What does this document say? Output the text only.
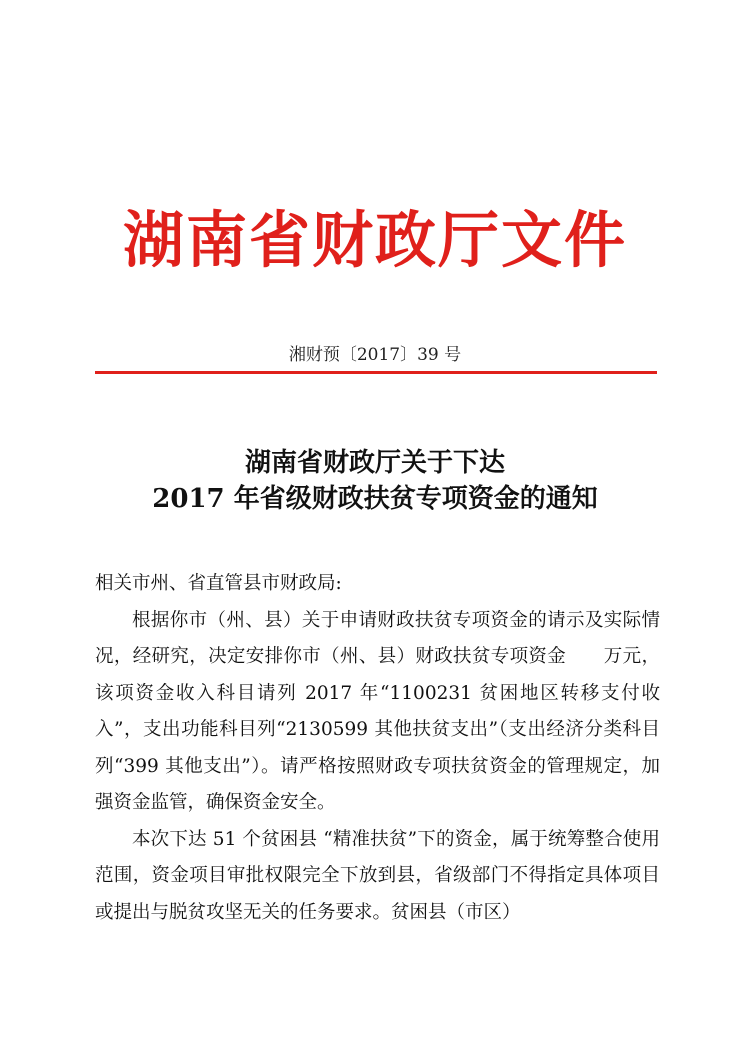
湖南省财政厅文件
湘财预〔2017〕39 号
湖南省财政厅关于下达
2017 年省级财政扶贫专项资金的通知

相关市州、省直管县市财政局:

根据你市（州、县）关于申请财政扶贫专项资金的请示及实际情况，经研究，决定安排你市（州、县）财政扶贫专项资金　　万元，该项资金收入科目请列 2017 年“1100231 贫困地区转移支付收入”，支出功能科目列“2130599 其他扶贫支出”（支出经济分类科目列“399 其他支出”）。请严格按照财政专项扶贫资金的管理规定，加强资金监管，确保资金安全。

本次下达 51 个贫困县 “精准扶贫”下的资金，属于统筹整合使用范围，资金项目审批权限完全下放到县，省级部门不得指定具体项目或提出与脱贫攻坚无关的任务要求。贫困县（市区）
